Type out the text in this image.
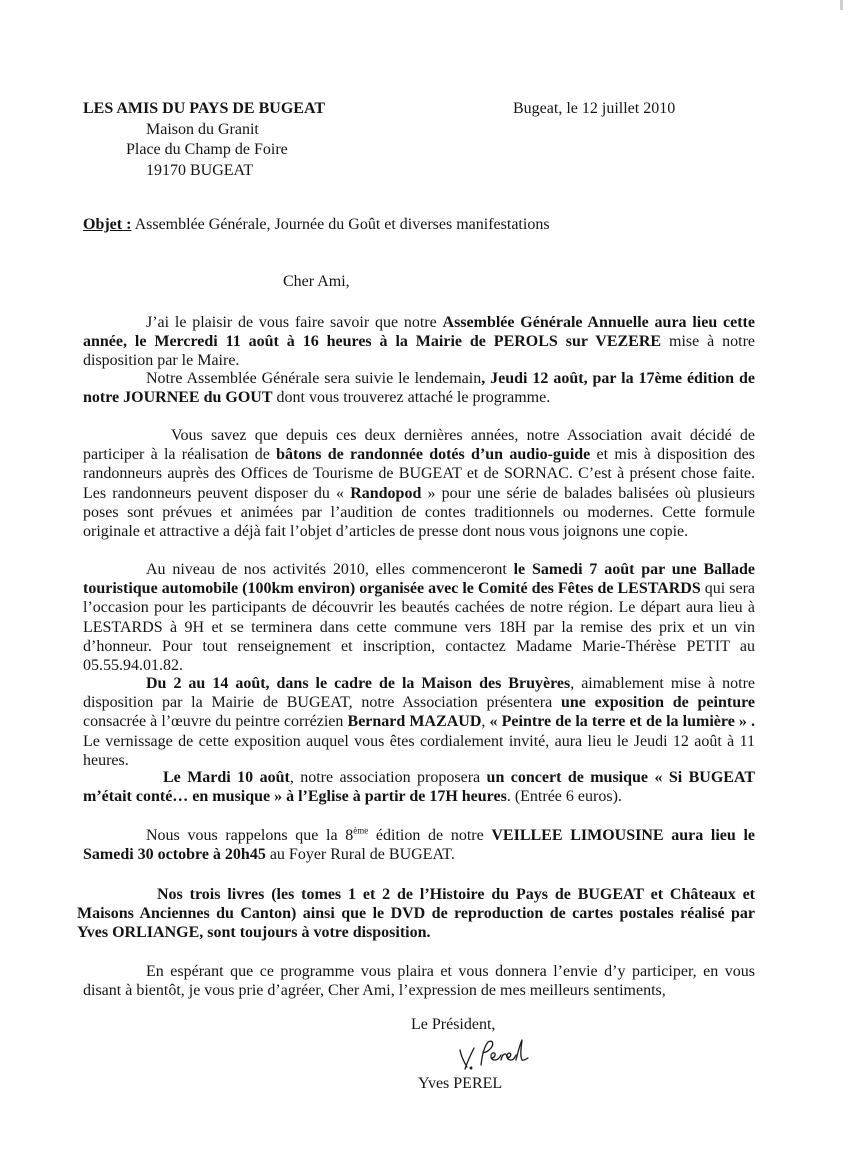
LES AMIS DU PAYS DE BUGEAT
Maison du Granit
Place du Champ de Foire
19170 BUGEAT
Bugeat, le 12 juillet 2010
Objet : Assemblée Générale, Journée du Goût et diverses manifestations
Cher Ami,
J’ai le plaisir de vous faire savoir que notre Assemblée Générale Annuelle aura lieu cette année, le Mercredi 11 août à 16 heures à la Mairie de PEROLS sur VEZERE mise à notre disposition par le Maire.
Notre Assemblée Générale sera suivie le lendemain, Jeudi 12 août, par la 17ème édition de notre JOURNEE du GOUT dont vous trouverez attaché le programme.
Vous savez que depuis ces deux dernières années, notre Association avait décidé de participer à la réalisation de bâtons de randonnée dotés d’un audio-guide et mis à disposition des randonneurs auprès des Offices de Tourisme de BUGEAT et de SORNAC. C’est à présent chose faite. Les randonneurs peuvent disposer du « Randopod » pour une série de balades balisées où plusieurs poses sont prévues et animées par l’audition de contes traditionnels ou modernes. Cette formule originale et attractive a déjà fait l’objet d’articles de presse dont nous vous joignons une copie.
Au niveau de nos activités 2010, elles commenceront le Samedi 7 août par une Ballade touristique automobile (100km environ) organisée avec le Comité des Fêtes de LESTARDS qui sera l’occasion pour les participants de découvrir les beautés cachées de notre région. Le départ aura lieu à LESTARDS à 9H et se terminera dans cette commune vers 18H par la remise des prix et un vin d’honneur. Pour tout renseignement et inscription, contactez Madame Marie-Thérèse PETIT au 05.55.94.01.82.
Du 2 au 14 août, dans le cadre de la Maison des Bruyères, aimablement mise à notre disposition par la Mairie de BUGEAT, notre Association présentera une exposition de peinture consacrée à l’œuvre du peintre corrézien Bernard MAZAUD, « Peintre de la terre et de la lumière » . Le vernissage de cette exposition auquel vous êtes cordialement invité, aura lieu le Jeudi 12 août à 11 heures.
Le Mardi 10 août, notre association proposera un concert de musique « Si BUGEAT m’était conté… en musique » à l’Eglise à partir de 17H heures. (Entrée 6 euros).
Nous vous rappelons que la 8ème édition de notre VEILLEE LIMOUSINE aura lieu le Samedi 30 octobre à 20h45 au Foyer Rural de BUGEAT.
Nos trois livres (les tomes 1 et 2 de l’Histoire du Pays de BUGEAT et Châteaux et Maisons Anciennes du Canton) ainsi que le DVD de reproduction de cartes postales réalisé par Yves ORLIANGE, sont toujours à votre disposition.
En espérant que ce programme vous plaira et vous donnera l’envie d’y participer, en vous disant à bientôt, je vous prie d’agréer, Cher Ami, l’expression de mes meilleurs sentiments,
Le Président,
Yves PEREL
